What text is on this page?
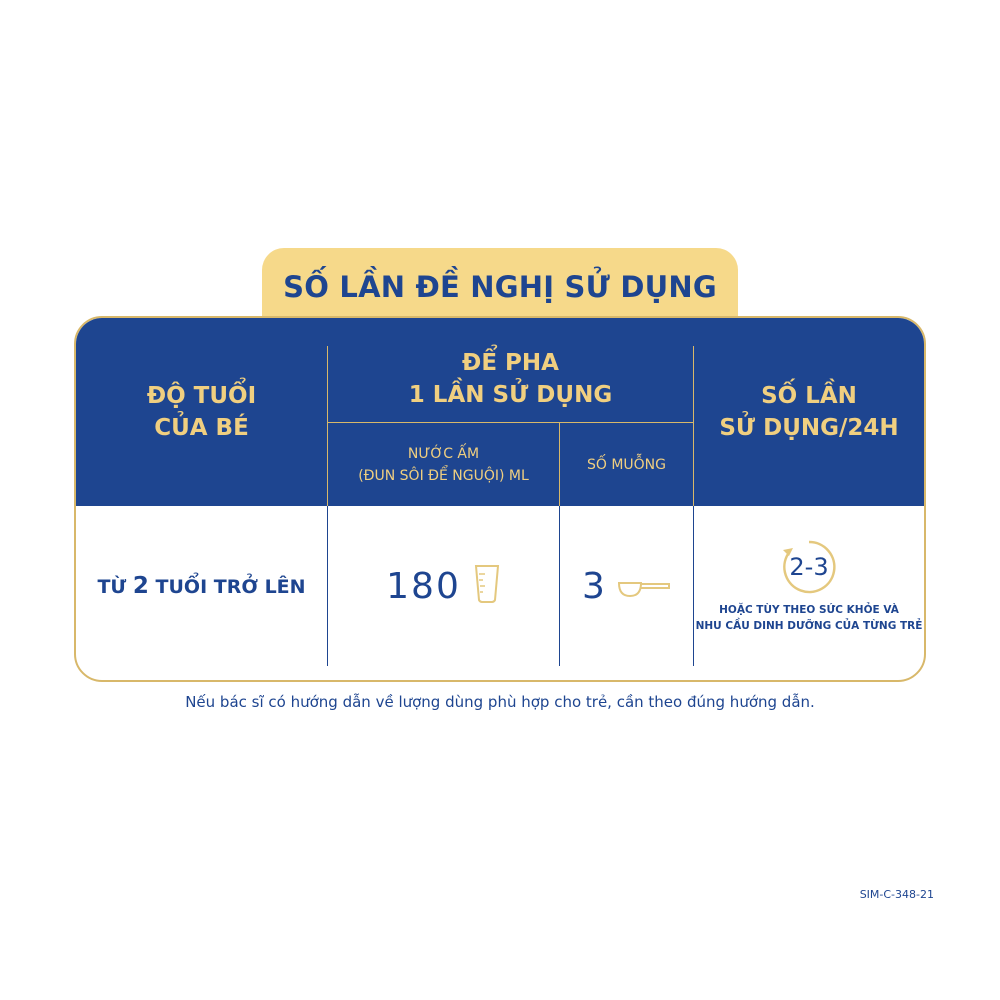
SỐ LẦN ĐỀ NGHỊ SỬ DỤNG
ĐỘ TUỔI
CỦA BÉ
ĐỂ PHA
1 LẦN SỬ DỤNG
NƯỚC ẤM
(ĐUN SÔI ĐỂ NGUỘI) ML
SỐ MUỖNG
SỐ LẦN
SỬ DỤNG/24H
TỪ 2 TUỔI TRỞ LÊN 180	3	2-3
HOẶC TÙY THEO SỨC KHỎE VÀ
NHU CẦU DINH DƯỠNG CỦA TỪNG TRẺ
Nếu bác sĩ có hướng dẫn về lượng dùng phù hợp cho trẻ, cần theo đúng hướng dẫn.
SIM-C-348-21
